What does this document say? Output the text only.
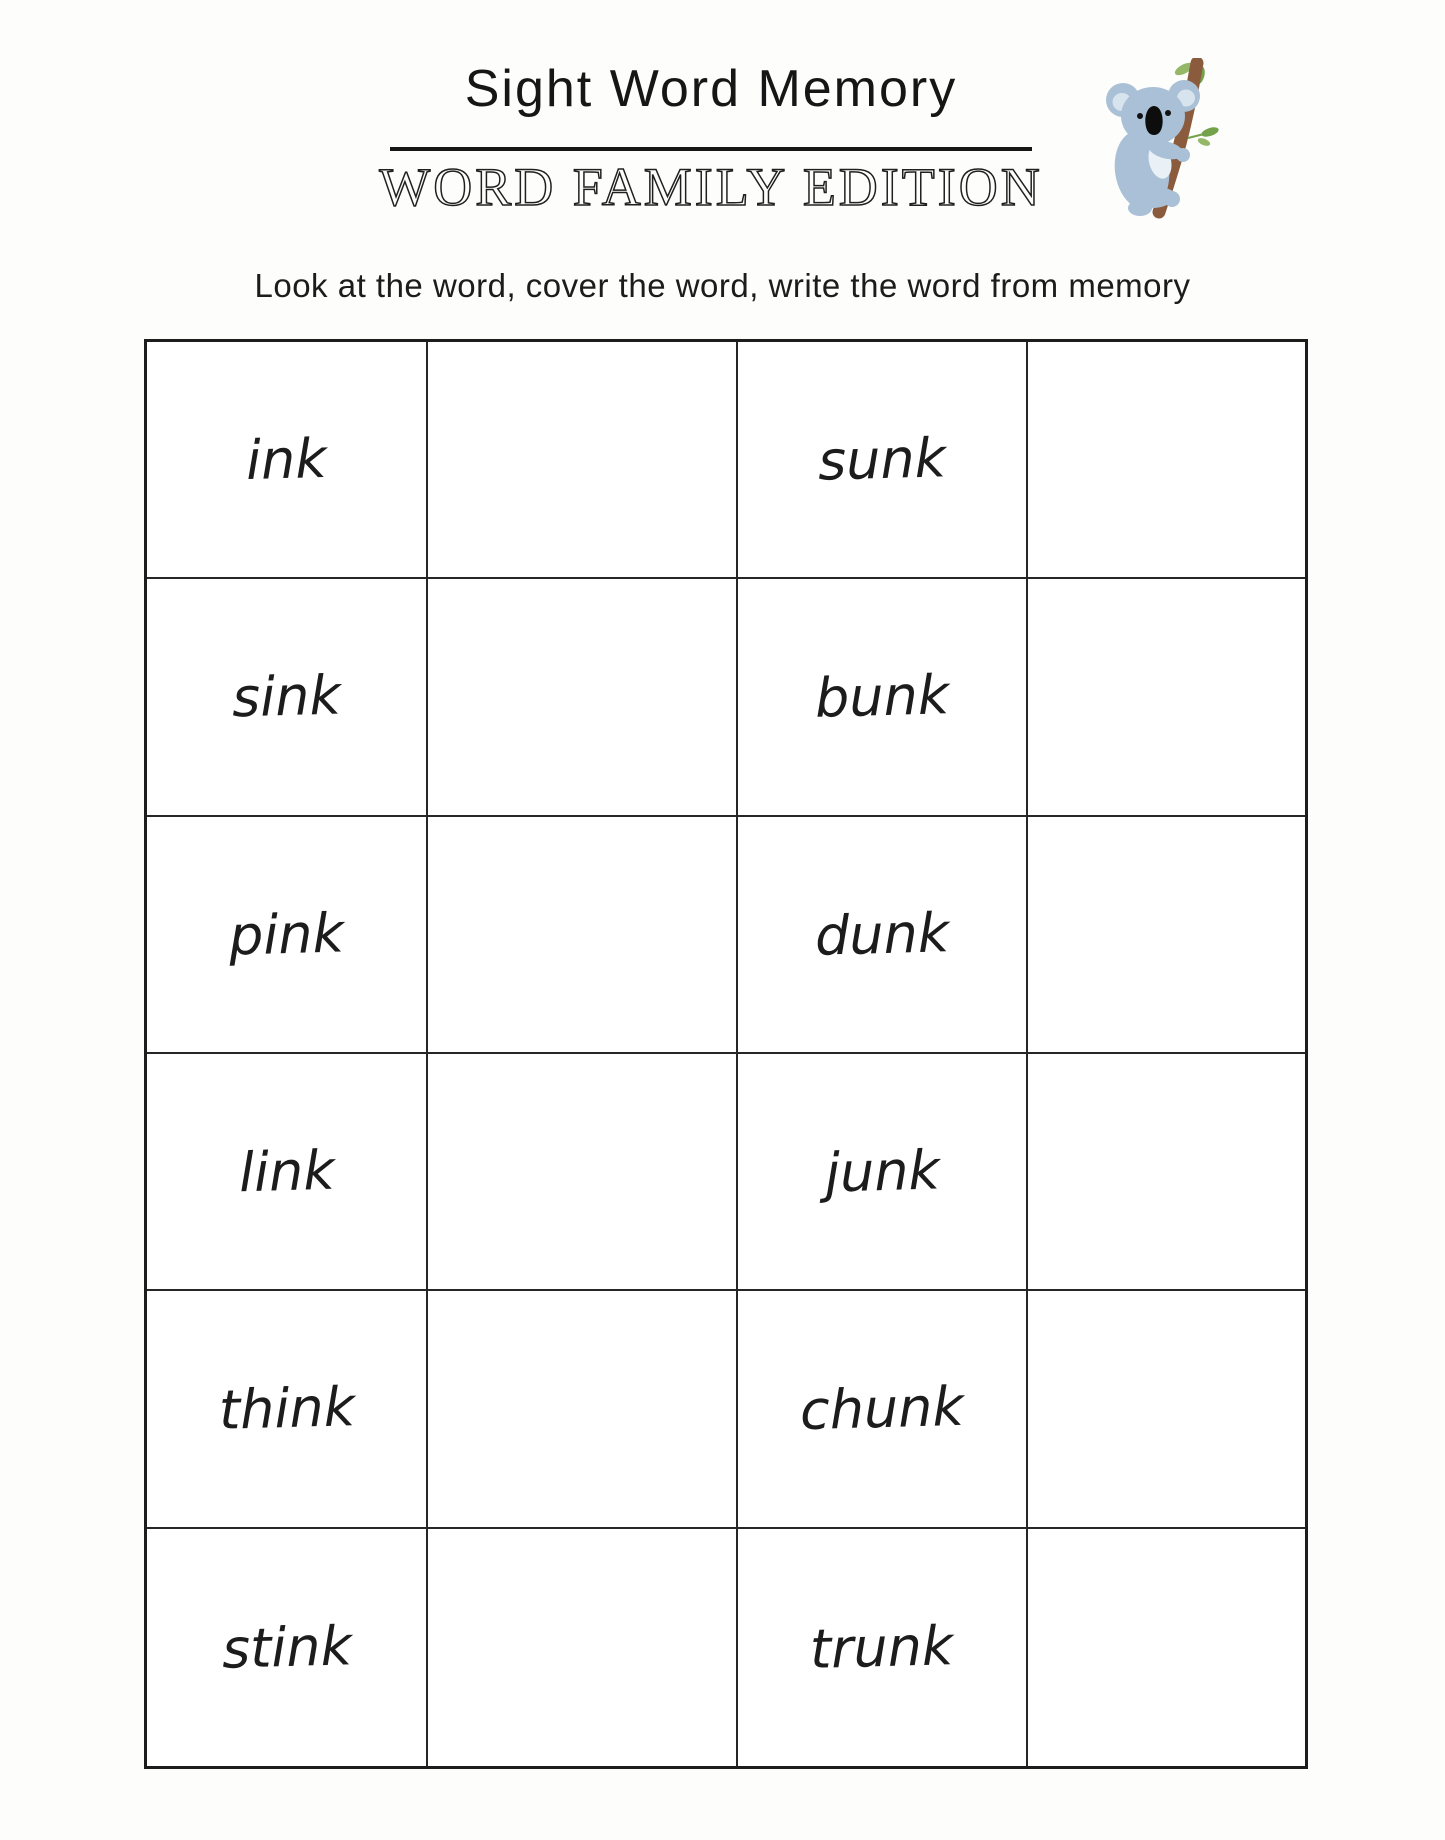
Sight Word Memory
WORD FAMILY EDITION
Look at the word, cover the word, write the word from memory
ink	sunk
sink	bunk
pink	dunk
link	junk
think	chunk
stink	trunk
